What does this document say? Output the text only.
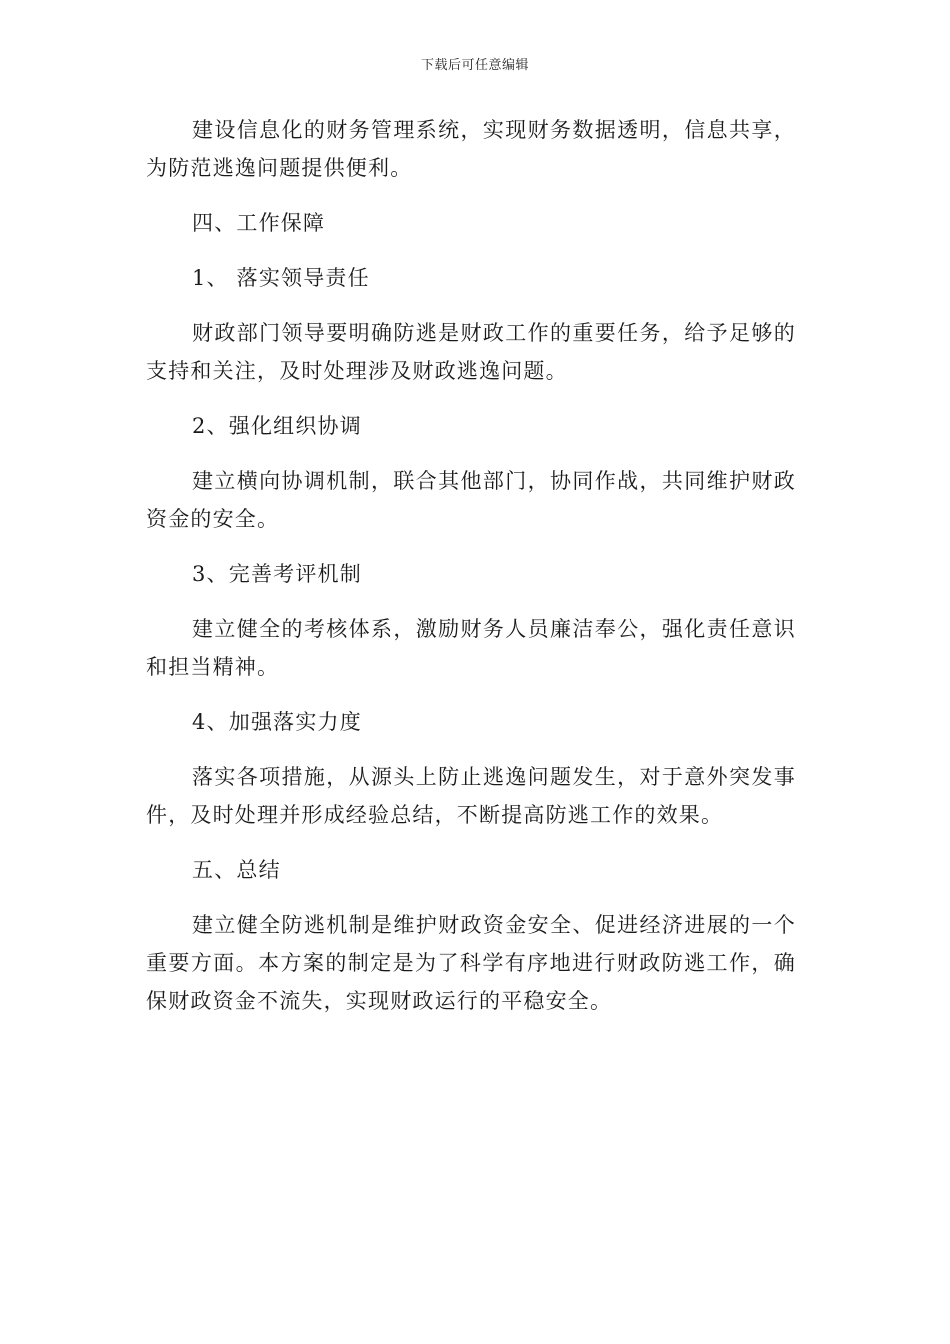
下载后可任意编辑

建设信息化的财务管理系统，实现财务数据透明，信息共享，为防范逃逸问题提供便利。

四、工作保障

1、 落实领导责任

财政部门领导要明确防逃是财政工作的重要任务，给予足够的支持和关注，及时处理涉及财政逃逸问题。

2、强化组织协调

建立横向协调机制，联合其他部门，协同作战，共同维护财政资金的安全。

3、完善考评机制

建立健全的考核体系，激励财务人员廉洁奉公，强化责任意识和担当精神。

4、加强落实力度

落实各项措施，从源头上防止逃逸问题发生，对于意外突发事件，及时处理并形成经验总结，不断提高防逃工作的效果。

五、总结

建立健全防逃机制是维护财政资金安全、促进经济进展的一个重要方面。本方案的制定是为了科学有序地进行财政防逃工作，确保财政资金不流失，实现财政运行的平稳安全。
